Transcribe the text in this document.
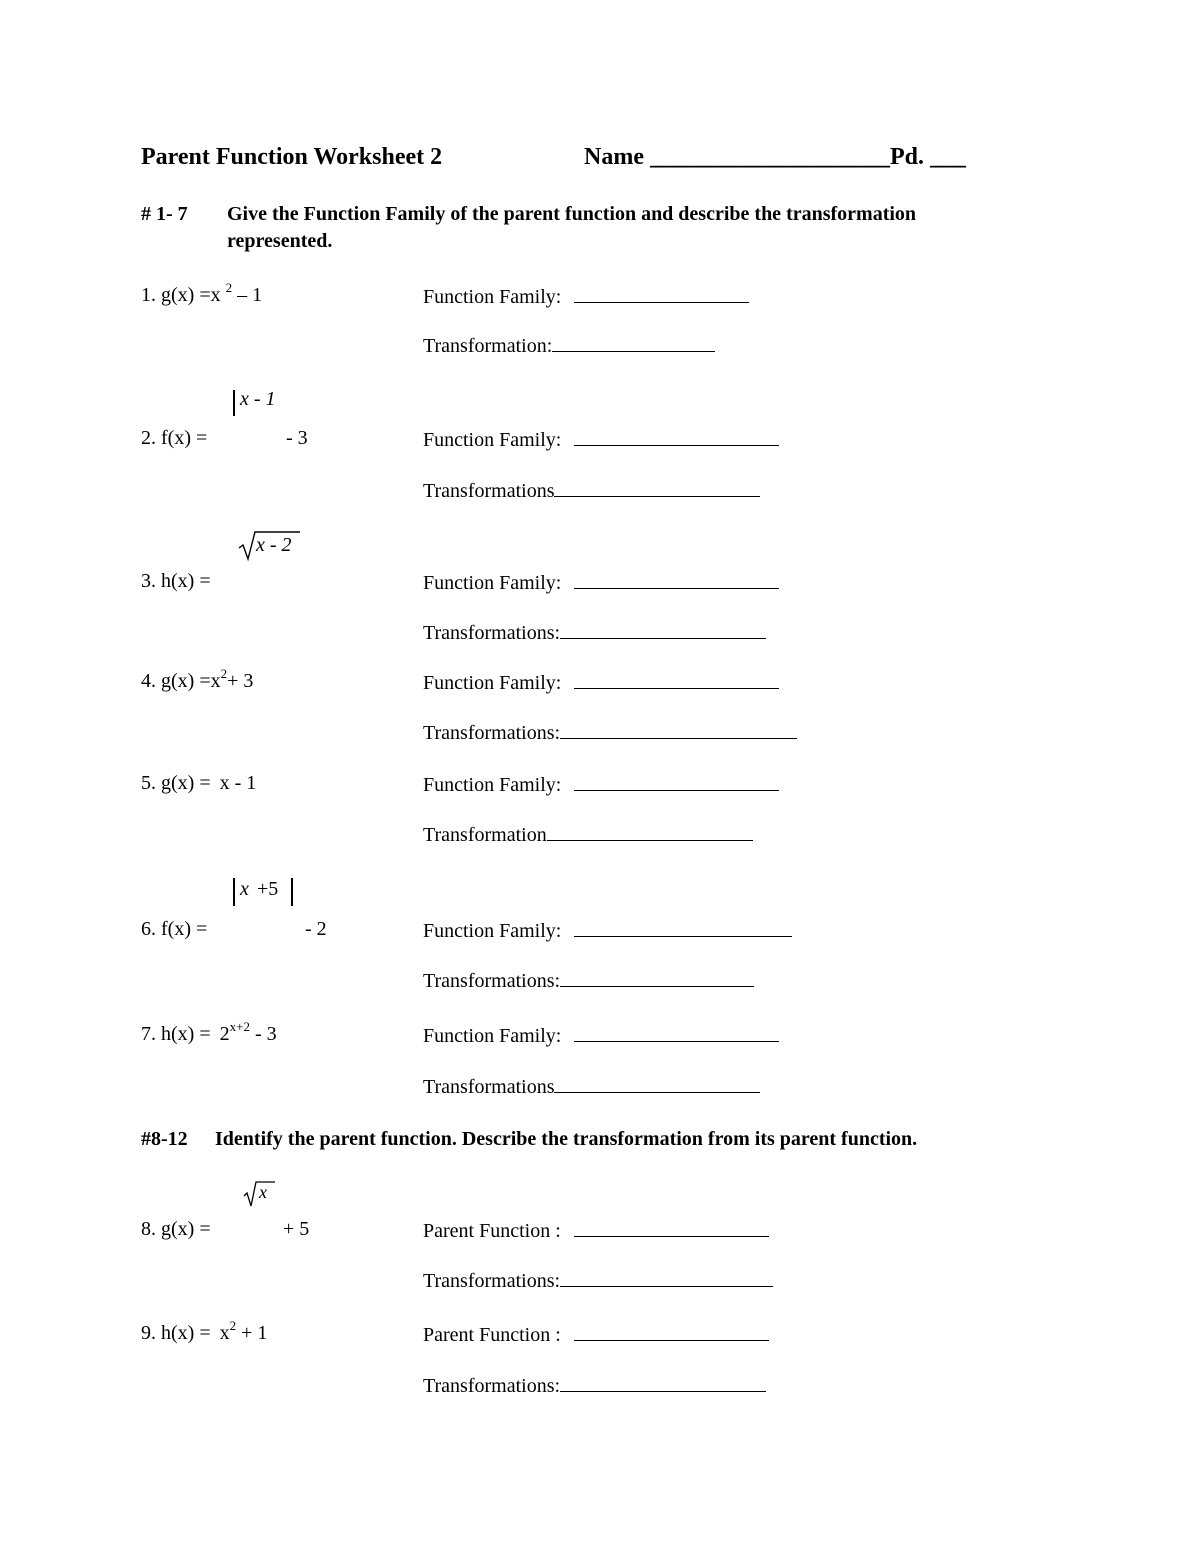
Parent Function Worksheet 2	Name ____________________Pd. ___
# 1- 7 Give the Function Family of the parent function and describe the transformation
represented.
1. g(x) =x $^2$ – 1	Function Family:
Transformation:
x - 1
2. f(x) =	- 3	Function Family:
Transformations
x - 2
3. h(x) =	Function Family:
Transformations:
4. $g(x) =x^2+ 3$	Function Family:
Transformations:
5. g(x) = x - 1	Function Family:
Transformation
x +5
6. f(x) =	- 2	Function Family:
Transformations:
7. $h(x) = 2^{x+2} - 3$	Function Family:
Transformations
#8-12 Identify the parent function. Describe the transformation from its parent function.
x
8. g(x) =	+ 5	Parent Function :
Transformations:
9. $h(x) = x^2 + 1$	Parent Function :
Transformations:
